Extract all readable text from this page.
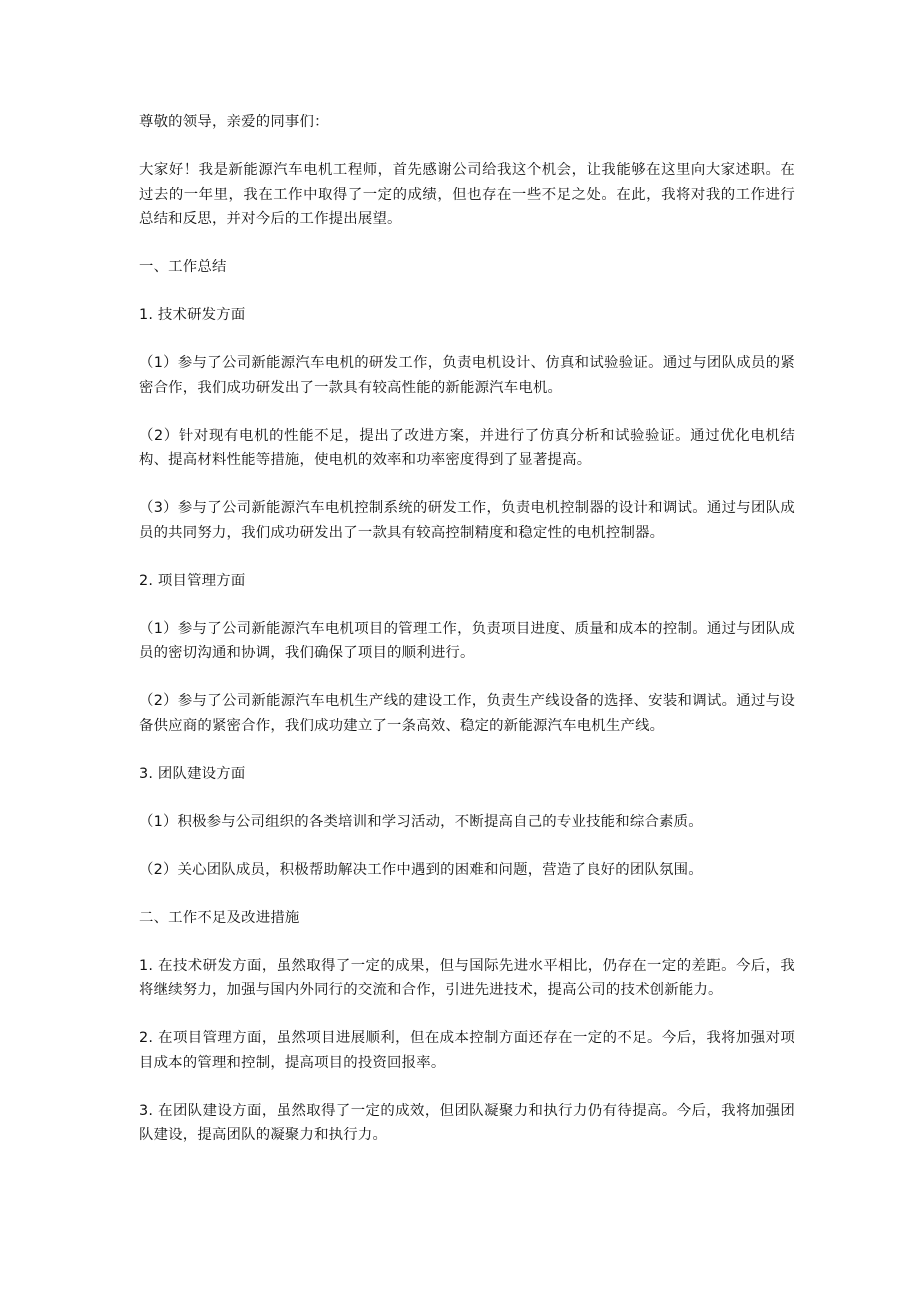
尊敬的领导，亲爱的同事们：

大家好！我是新能源汽车电机工程师，首先感谢公司给我这个机会，让我能够在这里向大家述职。在过去的一年里，我在工作中取得了一定的成绩，但也存在一些不足之处。在此，我将对我的工作进行总结和反思，并对今后的工作提出展望。

一、工作总结

1. 技术研发方面

（1）参与了公司新能源汽车电机的研发工作，负责电机设计、仿真和试验验证。通过与团队成员的紧密合作，我们成功研发出了一款具有较高性能的新能源汽车电机。

（2）针对现有电机的性能不足，提出了改进方案，并进行了仿真分析和试验验证。通过优化电机结构、提高材料性能等措施，使电机的效率和功率密度得到了显著提高。

（3）参与了公司新能源汽车电机控制系统的研发工作，负责电机控制器的设计和调试。通过与团队成员的共同努力，我们成功研发出了一款具有较高控制精度和稳定性的电机控制器。

2. 项目管理方面

（1）参与了公司新能源汽车电机项目的管理工作，负责项目进度、质量和成本的控制。通过与团队成员的密切沟通和协调，我们确保了项目的顺利进行。

（2）参与了公司新能源汽车电机生产线的建设工作，负责生产线设备的选择、安装和调试。通过与设备供应商的紧密合作，我们成功建立了一条高效、稳定的新能源汽车电机生产线。

3. 团队建设方面

（1）积极参与公司组织的各类培训和学习活动，不断提高自己的专业技能和综合素质。

（2）关心团队成员，积极帮助解决工作中遇到的困难和问题，营造了良好的团队氛围。

二、工作不足及改进措施

1. 在技术研发方面，虽然取得了一定的成果，但与国际先进水平相比，仍存在一定的差距。今后，我将继续努力，加强与国内外同行的交流和合作，引进先进技术，提高公司的技术创新能力。

2. 在项目管理方面，虽然项目进展顺利，但在成本控制方面还存在一定的不足。今后，我将加强对项目成本的管理和控制，提高项目的投资回报率。

3. 在团队建设方面，虽然取得了一定的成效，但团队凝聚力和执行力仍有待提高。今后，我将加强团队建设，提高团队的凝聚力和执行力。
